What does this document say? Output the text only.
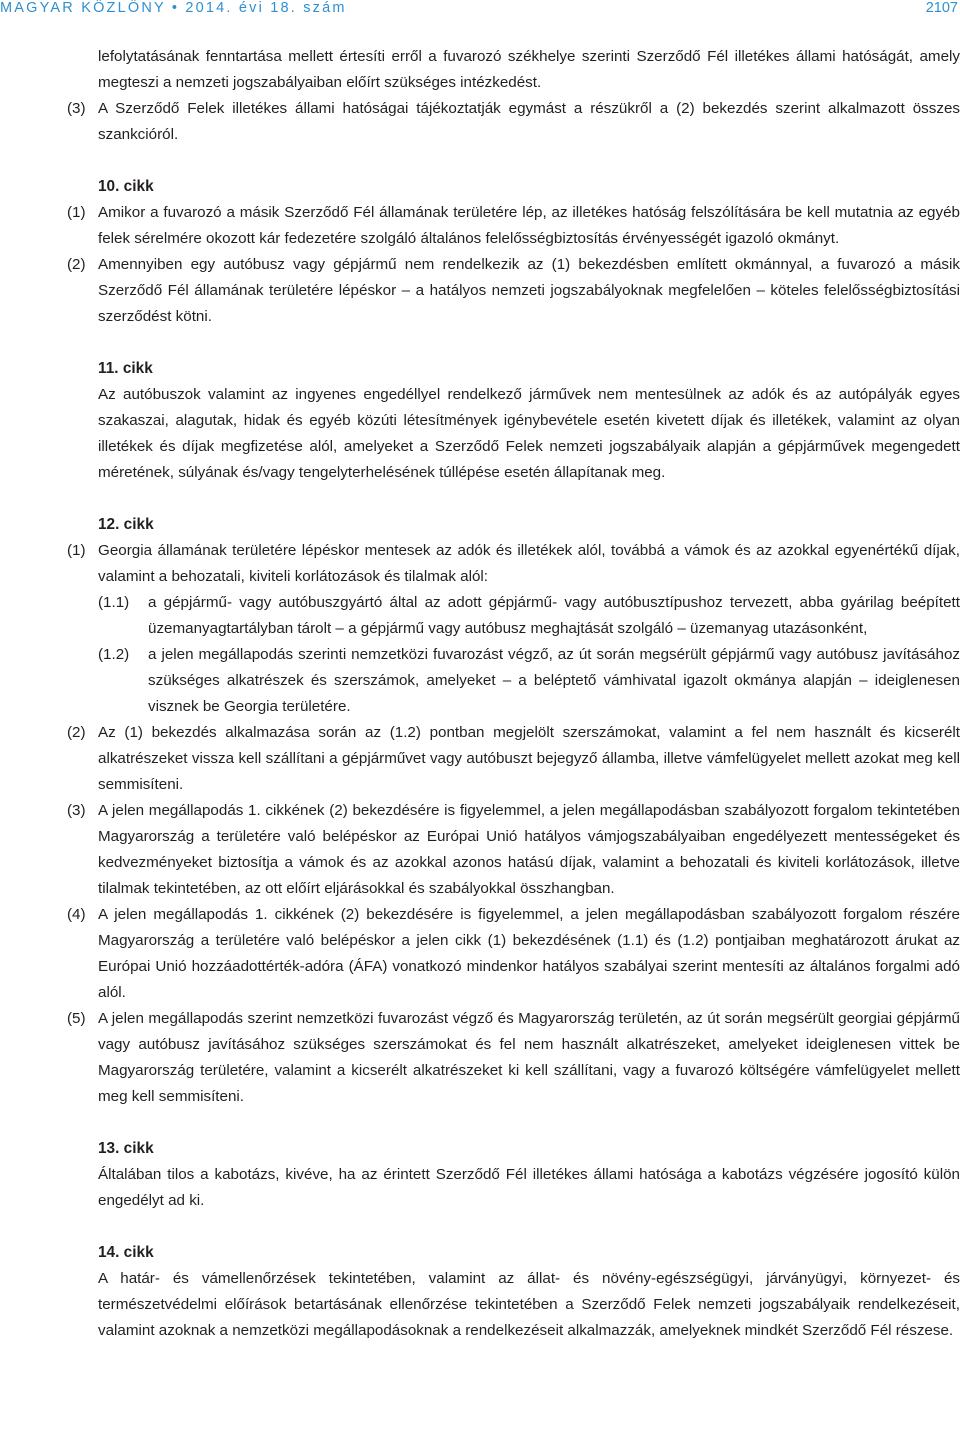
MAGYAR KÖZLÖNY • 2014. évi 18. szám	2107

lefolytatásának fenntartása mellett értesíti erről a fuvarozó székhelye szerinti Szerződő Fél illetékes állami hatóságát, amely megteszi a nemzeti jogszabályaiban előírt szükséges intézkedést.

(3) A Szerződő Felek illetékes állami hatóságai tájékoztatják egymást a részükről a (2) bekezdés szerint alkalmazott összes szankcióról.

10. cikk

(1) Amikor a fuvarozó a másik Szerződő Fél államának területére lép, az illetékes hatóság felszólítására be kell mutatnia az egyéb felek sérelmére okozott kár fedezetére szolgáló általános felelősségbiztosítás érvényességét igazoló okmányt.
(2) Amennyiben egy autóbusz vagy gépjármű nem rendelkezik az (1) bekezdésben említett okmánnyal, a fuvarozó a másik Szerződő Fél államának területére lépéskor – a hatályos nemzeti jogszabályoknak megfelelően – köteles felelősségbiztosítási szerződést kötni.

11. cikk

Az autóbuszok valamint az ingyenes engedéllyel rendelkező járművek nem mentesülnek az adók és az autópályák egyes szakaszai, alagutak, hidak és egyéb közúti létesítmények igénybevétele esetén kivetett díjak és illetékek, valamint az olyan illetékek és díjak megfizetése alól, amelyeket a Szerződő Felek nemzeti jogszabályaik alapján a gépjárművek megengedett méretének, súlyának és/vagy tengelyterhelésének túllépése esetén állapítanak meg.

12. cikk

(1) Georgia államának területére lépéskor mentesek az adók és illetékek alól, továbbá a vámok és az azokkal egyenértékű díjak, valamint a behozatali, kiviteli korlátozások és tilalmak alól:
(1.1) a gépjármű- vagy autóbuszgyártó által az adott gépjármű- vagy autóbusztípushoz tervezett, abba gyárilag beépített üzemanyagtartályban tárolt – a gépjármű vagy autóbusz meghajtását szolgáló – üzemanyag utazásonként,
(1.2) a jelen megállapodás szerinti nemzetközi fuvarozást végző, az út során megsérült gépjármű vagy autóbusz javításához szükséges alkatrészek és szerszámok, amelyeket – a beléptető vámhivatal igazolt okmánya alapján – ideiglenesen visznek be Georgia területére.
(2) Az (1) bekezdés alkalmazása során az (1.2) pontban megjelölt szerszámokat, valamint a fel nem használt és kicserélt alkatrészeket vissza kell szállítani a gépjárművet vagy autóbuszt bejegyző államba, illetve vámfelügyelet mellett azokat meg kell semmisíteni.
(3) A jelen megállapodás 1. cikkének (2) bekezdésére is figyelemmel, a jelen megállapodásban szabályozott forgalom tekintetében Magyarország a területére való belépéskor az Európai Unió hatályos vámjogszabályaiban engedélyezett mentességeket és kedvezményeket biztosítja a vámok és az azokkal azonos hatású díjak, valamint a behozatali és kiviteli korlátozások, illetve tilalmak tekintetében, az ott előírt eljárásokkal és szabályokkal összhangban.
(4) A jelen megállapodás 1. cikkének (2) bekezdésére is figyelemmel, a jelen megállapodásban szabályozott forgalom részére Magyarország a területére való belépéskor a jelen cikk (1) bekezdésének (1.1) és (1.2) pontjaiban meghatározott árukat az Európai Unió hozzáadottérték-adóra (ÁFA) vonatkozó mindenkor hatályos szabályai szerint mentesíti az általános forgalmi adó alól.
(5) A jelen megállapodás szerint nemzetközi fuvarozást végző és Magyarország területén, az út során megsérült georgiai gépjármű vagy autóbusz javításához szükséges szerszámokat és fel nem használt alkatrészeket, amelyeket ideiglenesen vittek be Magyarország területére, valamint a kicserélt alkatrészeket ki kell szállítani, vagy a fuvarozó költségére vámfelügyelet mellett meg kell semmisíteni.

13. cikk

Általában tilos a kabotázs, kivéve, ha az érintett Szerződő Fél illetékes állami hatósága a kabotázs végzésére jogosító külön engedélyt ad ki.

14. cikk

A határ- és vámellenőrzések tekintetében, valamint az állat- és növény-egészségügyi, járványügyi, környezet- és természetvédelmi előírások betartásának ellenőrzése tekintetében a Szerződő Felek nemzeti jogszabályaik rendelkezéseit, valamint azoknak a nemzetközi megállapodásoknak a rendelkezéseit alkalmazzák, amelyeknek mindkét Szerződő Fél részese.
